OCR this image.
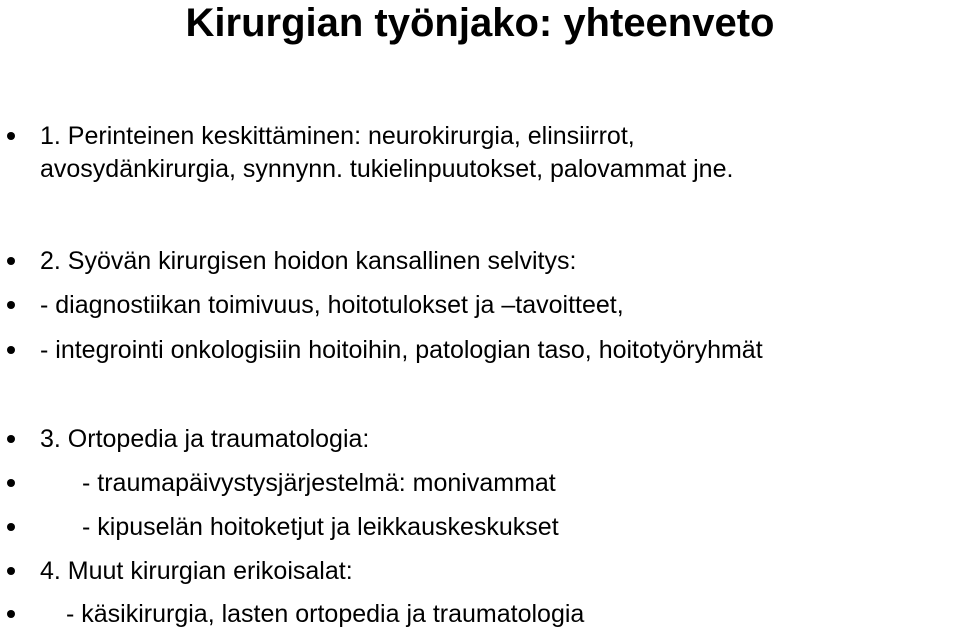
Kirurgian työnjako: yhteenveto
1. Perinteinen keskittäminen: neurokirurgia, elinsiirrot,
avosydänkirurgia, synnynn. tukielinpuutokset, palovammat jne.
2. Syövän kirurgisen hoidon kansallinen selvitys:
- diagnostiikan toimivuus, hoitotulokset ja –tavoitteet,
- integrointi onkologisiin hoitoihin, patologian taso, hoitotyöryhmät
3. Ortopedia ja traumatologia:
- traumapäivystysjärjestelmä: monivammat
- kipuselän hoitoketjut ja leikkauskeskukset
4. Muut kirurgian erikoisalat:
- käsikirurgia, lasten ortopedia ja traumatologia
